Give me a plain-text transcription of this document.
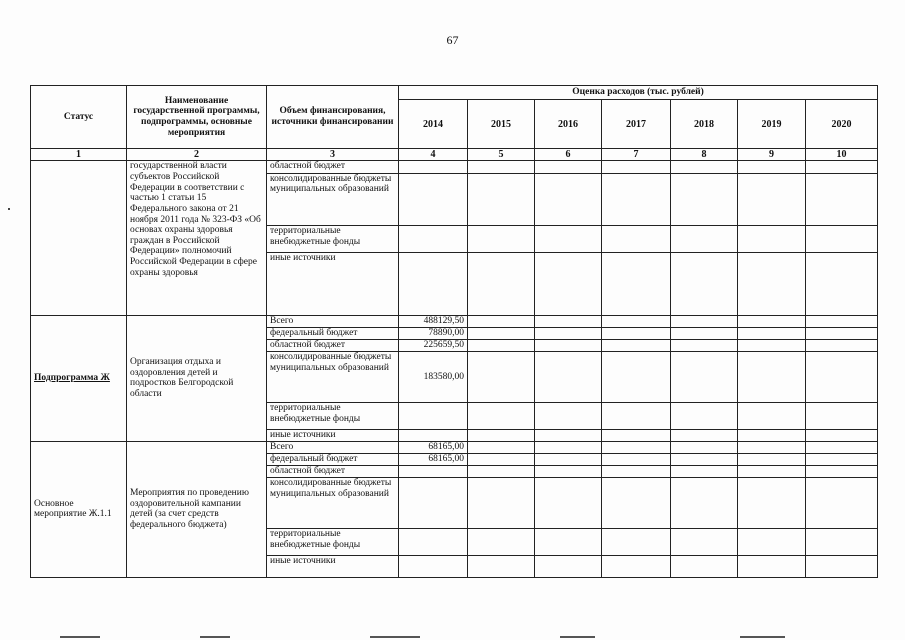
67
Статус	Наименование государственной программы, подпрограммы, основные мероприятия	Объем финансирования, источники финансировании	Оценка расходов (тыс. рублей)						
			2014	2015	2016	2017	2018	2019	2020
1	2	3	4	5	6	7	8	9	10
	государственной власти субъектов Российской Федерации в соответствии с частью 1 статьи 15 Федерального закона от 21 ноября 2011 года № 323-ФЗ «Об основах охраны здоровья граждан в Российской Федерации» полномочий Российской Федерации в сфере охраны здоровья	областной бюджет							
		консолидированные бюджеты муниципальных образований							
		территориальные внебюджетные фонды							
		иные источники							
Подпрограмма Ж	Организация отдыха и оздоровления детей и подростков Белгородской области	Всего	488129,50						
		федеральный бюджет	78890,00						
		областной бюджет	225659,50						
		консолидированные бюджеты муниципальных образований	183580,00						
		территориальные внебюджетные фонды							
		иные источники							
Основное мероприятие Ж.1.1	Мероприятия по проведению оздоровительной кампании детей (за счет средств федерального бюджета)	Всего	68165,00						
		федеральный бюджет	68165,00						
		областной бюджет							
		консолидированные бюджеты муниципальных образований							
		территориальные внебюджетные фонды							
		иные источники							
